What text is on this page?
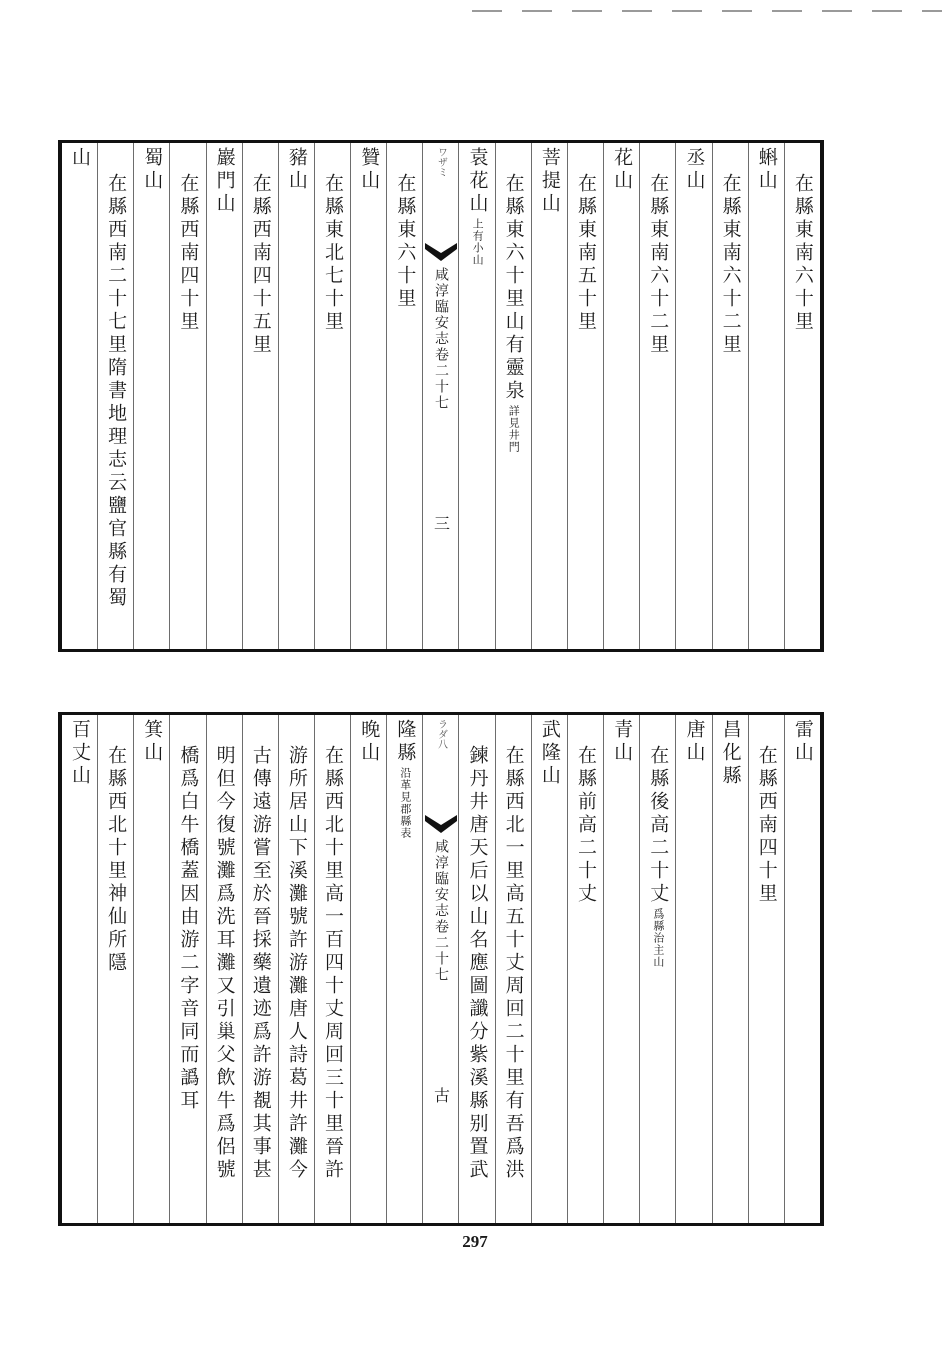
在縣東南六十里
蝌山
在縣東南六十二里
丞山
在縣東南六十二里
花山
在縣東南五十里
菩提山
在縣東六十里山有靈泉
詳見井門
袁花山
上有小山
ワザミ
咸淳臨安志卷二十七
三
在縣東六十里
贊山
在縣東北七十里
豬山
在縣西南四十五里
巖門山
在縣西南四十里
蜀山
在縣西南二十七里隋書地理志云鹽官縣有蜀
山
雷山
在縣西南四十里
昌化縣
唐山
在縣後高二十丈
爲縣治主山
青山
在縣前高二十丈
武隆山
在縣西北一里高五十丈周回二十里有吾爲洪
鍊丹井唐天后以山名應圖讖分紫溪縣别置武
ラダ八
咸淳臨安志卷二十七
古
隆縣
沿革見郡縣表
晚山
在縣西北十里高一百四十丈周回三十里晉許
游所居山下溪灘號許游灘唐人詩葛井許灘今
古傳遠游嘗至於晉採藥遺迹爲許游覩其事甚
明但今復號灘爲洗耳灘又引巢父飲牛爲侶號
橋爲白牛橋蓋因由游二字音同而譌耳
箕山
在縣西北十里神仙所隱
百丈山
297
